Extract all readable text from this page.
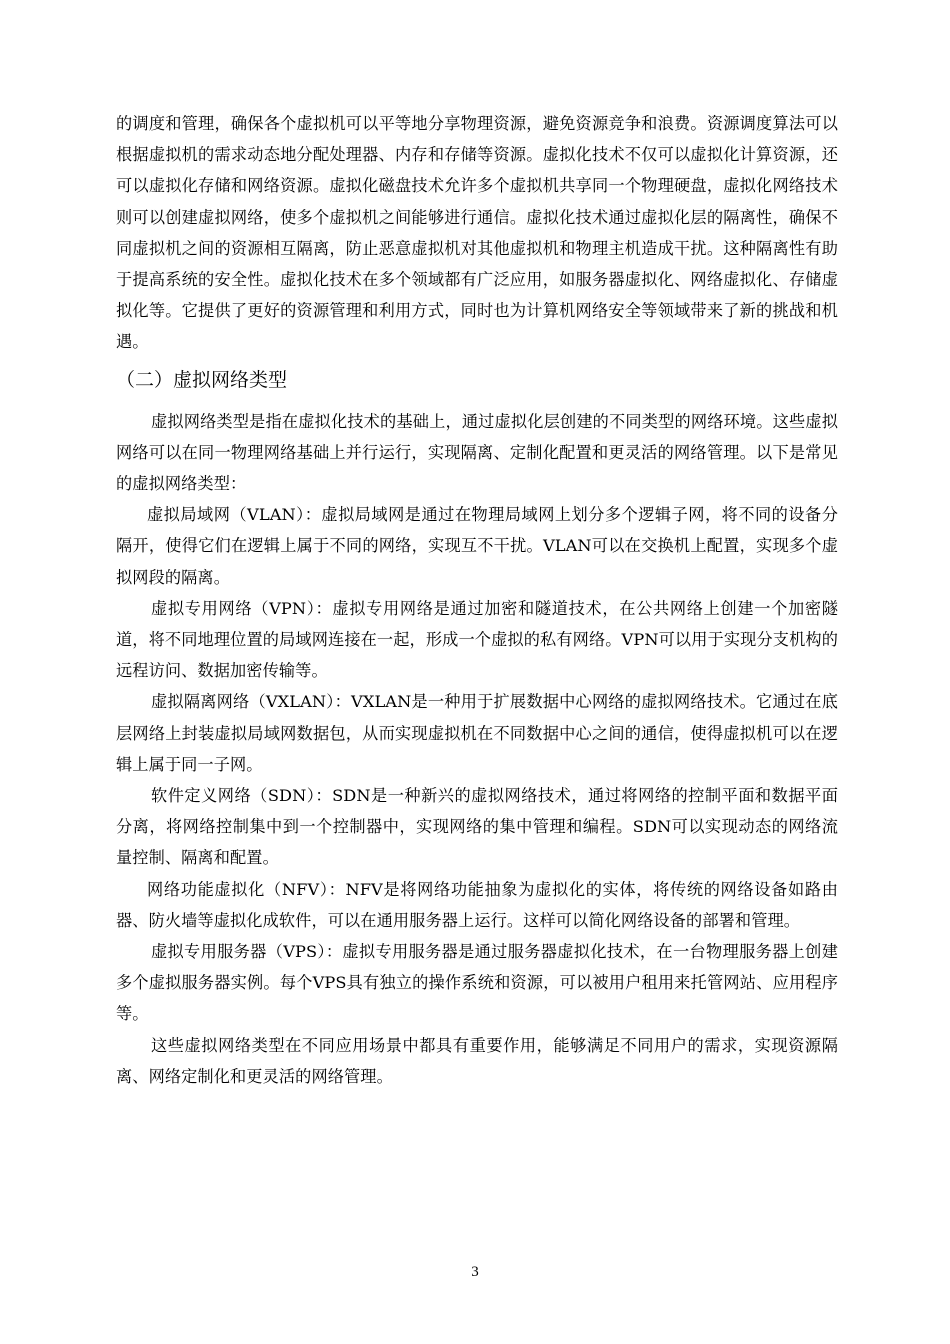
的调度和管理，确保各个虚拟机可以平等地分享物理资源，避免资源竞争和浪费。资源调度算法可以根据虚拟机的需求动态地分配处理器、内存和存储等资源。虚拟化技术不仅可以虚拟化计算资源，还可以虚拟化存储和网络资源。虚拟化磁盘技术允许多个虚拟机共享同一个物理硬盘，虚拟化网络技术则可以创建虚拟网络，使多个虚拟机之间能够进行通信。虚拟化技术通过虚拟化层的隔离性，确保不同虚拟机之间的资源相互隔离，防止恶意虚拟机对其他虚拟机和物理主机造成干扰。这种隔离性有助于提高系统的安全性。虚拟化技术在多个领域都有广泛应用，如服务器虚拟化、网络虚拟化、存储虚拟化等。它提供了更好的资源管理和利用方式，同时也为计算机网络安全等领域带来了新的挑战和机遇。

（二）虚拟网络类型

虚拟网络类型是指在虚拟化技术的基础上，通过虚拟化层创建的不同类型的网络环境。这些虚拟网络可以在同一物理网络基础上并行运行，实现隔离、定制化配置和更灵活的网络管理。以下是常见的虚拟网络类型：

虚拟局域网（VLAN）：虚拟局域网是通过在物理局域网上划分多个逻辑子网，将不同的设备分隔开，使得它们在逻辑上属于不同的网络，实现互不干扰。VLAN可以在交换机上配置，实现多个虚拟网段的隔离。

虚拟专用网络（VPN）：虚拟专用网络是通过加密和隧道技术，在公共网络上创建一个加密隧道，将不同地理位置的局域网连接在一起，形成一个虚拟的私有网络。VPN可以用于实现分支机构的远程访问、数据加密传输等。

虚拟隔离网络（VXLAN）：VXLAN是一种用于扩展数据中心网络的虚拟网络技术。它通过在底层网络上封装虚拟局域网数据包，从而实现虚拟机在不同数据中心之间的通信，使得虚拟机可以在逻辑上属于同一子网。

软件定义网络（SDN）：SDN是一种新兴的虚拟网络技术，通过将网络的控制平面和数据平面分离，将网络控制集中到一个控制器中，实现网络的集中管理和编程。SDN可以实现动态的网络流量控制、隔离和配置。

网络功能虚拟化（NFV）：NFV是将网络功能抽象为虚拟化的实体，将传统的网络设备如路由器、防火墙等虚拟化成软件，可以在通用服务器上运行。这样可以简化网络设备的部署和管理。

虚拟专用服务器（VPS）：虚拟专用服务器是通过服务器虚拟化技术，在一台物理服务器上创建多个虚拟服务器实例。每个VPS具有独立的操作系统和资源，可以被用户租用来托管网站、应用程序等。

这些虚拟网络类型在不同应用场景中都具有重要作用，能够满足不同用户的需求，实现资源隔离、网络定制化和更灵活的网络管理。

3
